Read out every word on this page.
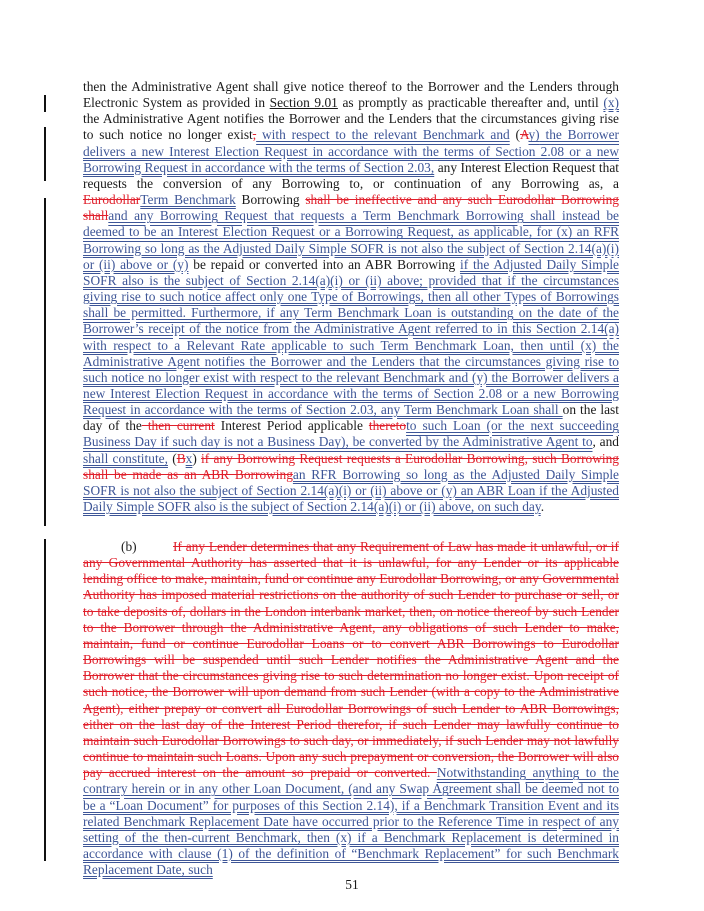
then the Administrative Agent shall give notice thereof to the Borrower and the Lenders through Electronic System as provided in Section 9.01 as promptly as practicable thereafter and, until (x) the Administrative Agent notifies the Borrower and the Lenders that the circumstances giving rise to such notice no longer exist, with respect to the relevant Benchmark and (Ay) the Borrower delivers a new Interest Election Request in accordance with the terms of Section 2.08 or a new Borrowing Request in accordance with the terms of Section 2.03, any Interest Election Request that requests the conversion of any Borrowing to, or continuation of any Borrowing as, a EurodollarTerm Benchmark Borrowing shall be ineffective and any such Eurodollar Borrowing shalland any Borrowing Request that requests a Term Benchmark Borrowing shall instead be deemed to be an Interest Election Request or a Borrowing Request, as applicable, for (x) an RFR Borrowing so long as the Adjusted Daily Simple SOFR is not also the subject of Section 2.14(a)(i) or (ii) above or (y) be repaid or converted into an ABR Borrowing if the Adjusted Daily Simple SOFR also is the subject of Section 2.14(a)(i) or (ii) above; provided that if the circumstances giving rise to such notice affect only one Type of Borrowings, then all other Types of Borrowings shall be permitted. Furthermore, if any Term Benchmark Loan is outstanding on the date of the Borrower’s receipt of the notice from the Administrative Agent referred to in this Section 2.14(a) with respect to a Relevant Rate applicable to such Term Benchmark Loan, then until (x) the Administrative Agent notifies the Borrower and the Lenders that the circumstances giving rise to such notice no longer exist with respect to the relevant Benchmark and (y) the Borrower delivers a new Interest Election Request in accordance with the terms of Section 2.08 or a new Borrowing Request in accordance with the terms of Section 2.03, any Term Benchmark Loan shall on the last day of the then current Interest Period applicable theretoto such Loan (or the next succeeding Business Day if such day is not a Business Day), be converted by the Administrative Agent to, and shall constitute, (Bx) if any Borrowing Request requests a Eurodollar Borrowing, such Borrowing shall be made as an ABR Borrowingan RFR Borrowing so long as the Adjusted Daily Simple SOFR is not also the subject of Section 2.14(a)(i) or (ii) above or (y) an ABR Loan if the Adjusted Daily Simple SOFR also is the subject of Section 2.14(a)(i) or (ii) above, on such day.
(b)	If any Lender determines that any Requirement of Law has made it unlawful, or if any Governmental Authority has asserted that it is unlawful, for any Lender or its applicable lending office to make, maintain, fund or continue any Eurodollar Borrowing, or any Governmental Authority has imposed material restrictions on the authority of such Lender to purchase or sell, or to take deposits of, dollars in the London interbank market, then, on notice thereof by such Lender to the Borrower through the Administrative Agent, any obligations of such Lender to make, maintain, fund or continue Eurodollar Loans or to convert ABR Borrowings to Eurodollar Borrowings will be suspended until such Lender notifies the Administrative Agent and the Borrower that the circumstances giving rise to such determination no longer exist. Upon receipt of such notice, the Borrower will upon demand from such Lender (with a copy to the Administrative Agent), either prepay or convert all Eurodollar Borrowings of such Lender to ABR Borrowings, either on the last day of the Interest Period therefor, if such Lender may lawfully continue to maintain such Eurodollar Borrowings to such day, or immediately, if such Lender may not lawfully continue to maintain such Loans. Upon any such prepayment or conversion, the Borrower will also pay accrued interest on the amount so prepaid or converted. Notwithstanding anything to the contrary herein or in any other Loan Document, (and any Swap Agreement shall be deemed not to be a “Loan Document” for purposes of this Section 2.14), if a Benchmark Transition Event and its related Benchmark Replacement Date have occurred prior to the Reference Time in respect of any setting of the then-current Benchmark, then (x) if a Benchmark Replacement is determined in accordance with clause (1) of the definition of “Benchmark Replacement” for such Benchmark Replacement Date, such
51
